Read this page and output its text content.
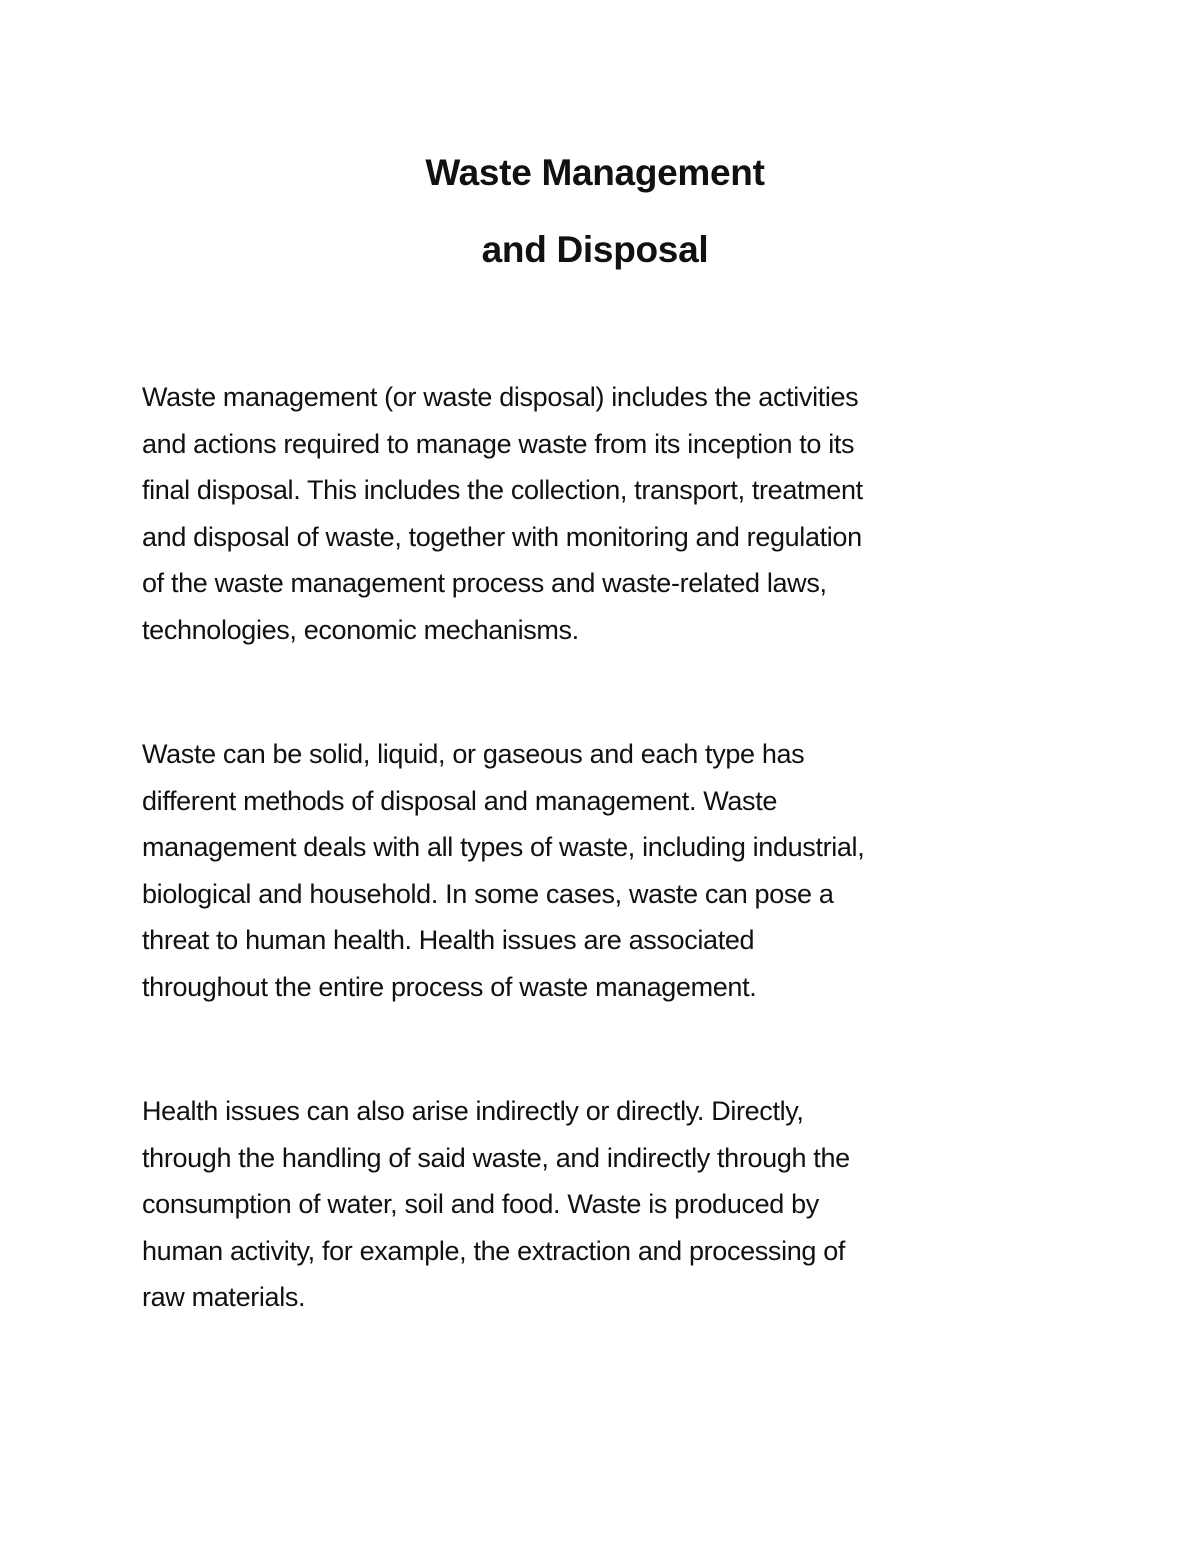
Waste Management
and Disposal

Waste management (or waste disposal) includes the activities
and actions required to manage waste from its inception to its
final disposal. This includes the collection, transport, treatment
and disposal of waste, together with monitoring and regulation
of the waste management process and waste-related laws,
technologies, economic mechanisms.

Waste can be solid, liquid, or gaseous and each type has
different methods of disposal and management. Waste
management deals with all types of waste, including industrial,
biological and household. In some cases, waste can pose a
threat to human health. Health issues are associated
throughout the entire process of waste management.

Health issues can also arise indirectly or directly. Directly,
through the handling of said waste, and indirectly through the
consumption of water, soil and food. Waste is produced by
human activity, for example, the extraction and processing of
raw materials.
